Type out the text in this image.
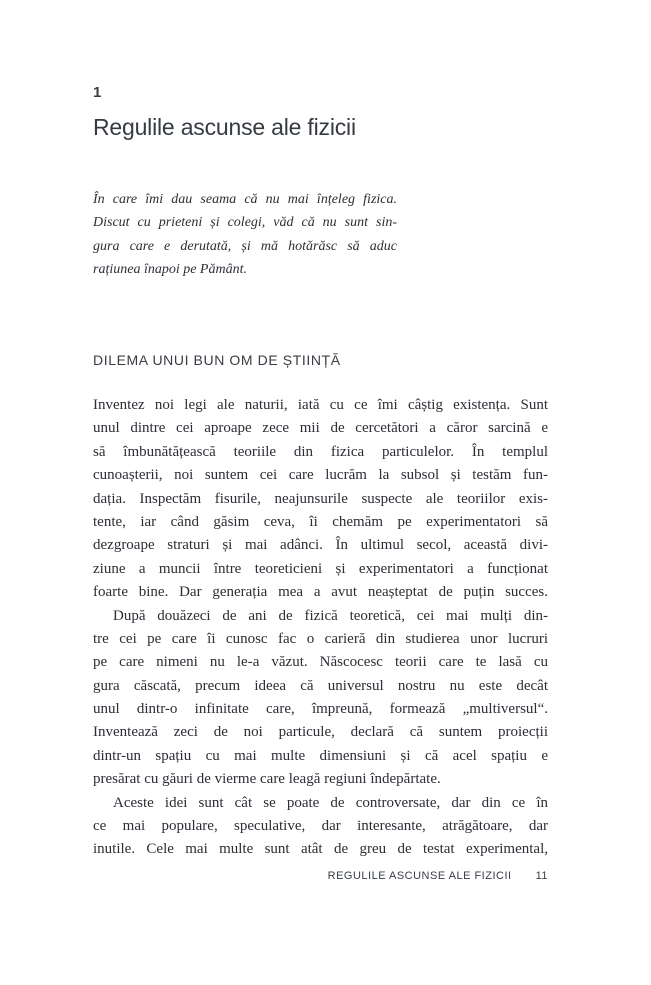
1
Regulile ascunse ale fizicii
În care îmi dau seama că nu mai înțeleg fizica.
Discut cu prieteni și colegi, văd că nu sunt sin-
gura care e derutată, și mă hotărăsc să aduc
rațiunea înapoi pe Pământ.
DILEMA UNUI BUN OM DE ȘTIINȚĂ
Inventez noi legi ale naturii, iată cu ce îmi câștig existența. Sunt
unul dintre cei aproape zece mii de cercetători a căror sarcină e
să îmbunătățească teoriile din fizica particulelor. În templul
cunoașterii, noi suntem cei care lucrăm la subsol și testăm fun-
dația. Inspectăm fisurile, neajunsurile suspecte ale teoriilor exis-
tente, iar când găsim ceva, îi chemăm pe experimentatori să
dezgroape straturi și mai adânci. În ultimul secol, această divi-
ziune a muncii între teoreticieni și experimentatori a funcționat
foarte bine. Dar generația mea a avut neașteptat de puțin succes.
După douăzeci de ani de fizică teoretică, cei mai mulți din-
tre cei pe care îi cunosc fac o carieră din studierea unor lucruri
pe care nimeni nu le-a văzut. Născocesc teorii care te lasă cu
gura căscată, precum ideea că universul nostru nu este decât
unul dintr-o infinitate care, împreună, formează „multiversul“.
Inventează zeci de noi particule, declară că suntem proiecții
dintr-un spațiu cu mai multe dimensiuni și că acel spațiu e
presărat cu găuri de vierme care leagă regiuni îndepărtate.
Aceste idei sunt cât se poate de controversate, dar din ce în
ce mai populare, speculative, dar interesante, atrăgătoare, dar
inutile. Cele mai multe sunt atât de greu de testat experimental,
REGULILE ASCUNSE ALE FIZICII 11
